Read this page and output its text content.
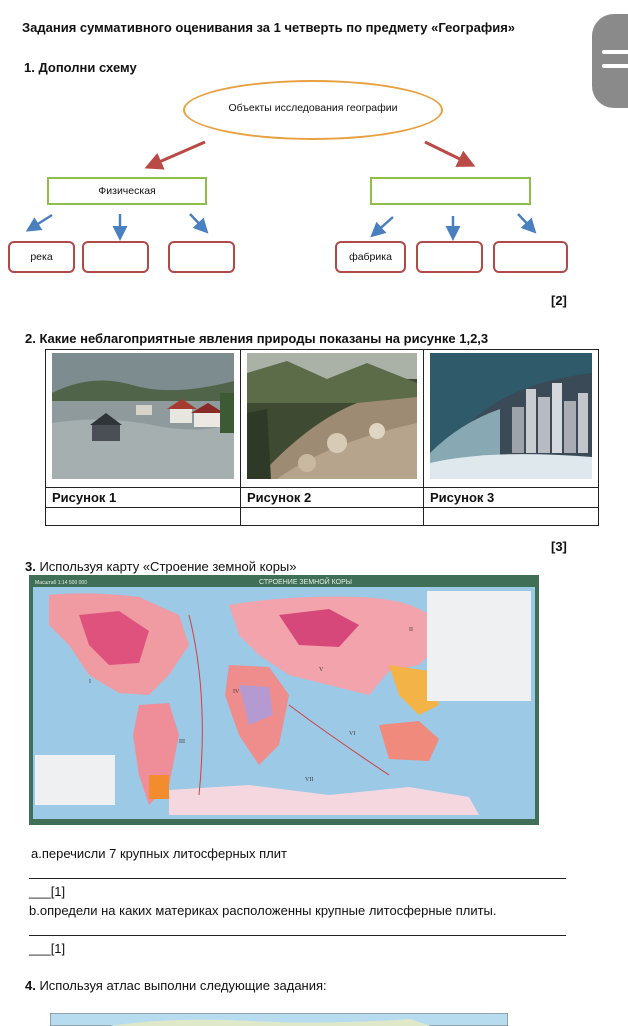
Задания суммативного оценивания за 1 четверть по предмету «География»
1. Дополни схему
Объекты исследования географии
Физическая
река	фабрика
[2]
2. Какие неблагоприятные явления природы показаны на рисунке 1,2,3

Рисунок 1	Рисунок 2	Рисунок 3

[3]
3. Используя карту «Строение земной коры»
Масштаб 1:14 500 000	СТРОЕНИЕ ЗЕМНОЙ КОРЫ
I
II
III
IV
V
VI
VII
a.перечисли 7 крупных литосферных плит
___[1]
b.определи на каких материках расположенны крупные литосферные плиты.
___[1]
4. Используя атлас выполни следующие задания:
